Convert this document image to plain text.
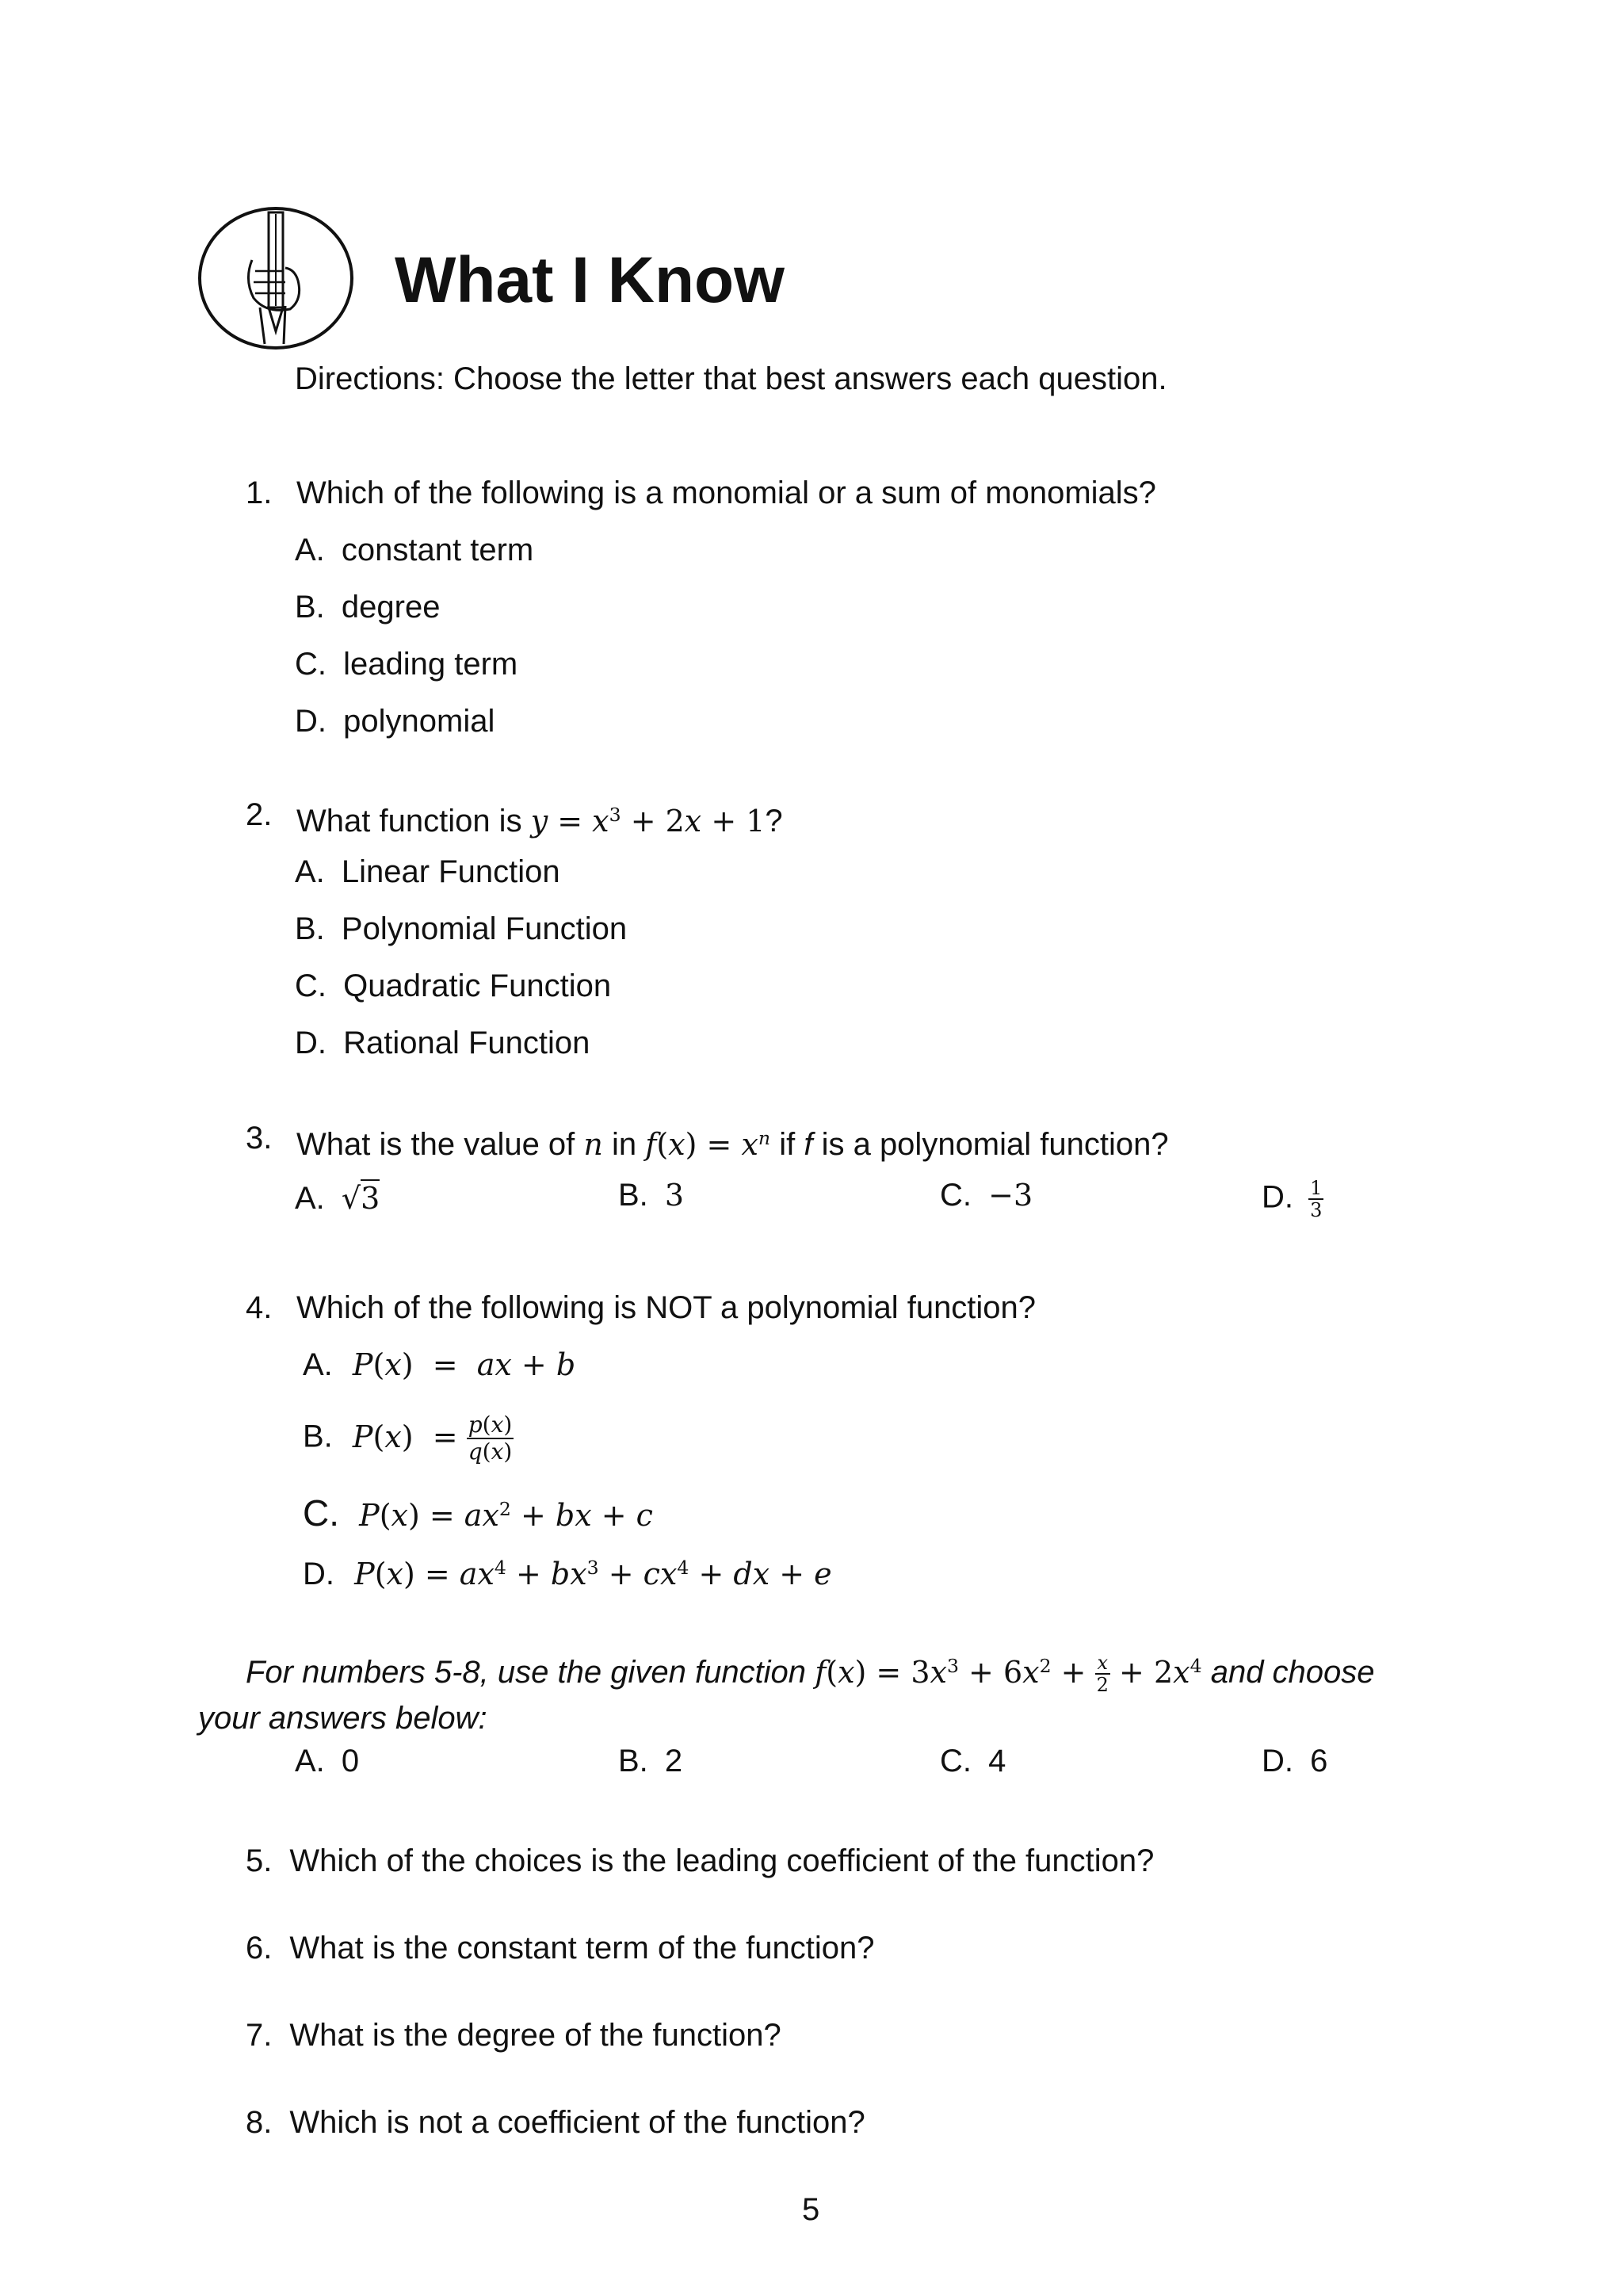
What I Know
Directions: Choose the letter that best answers each question.
1. Which of the following is a monomial or a sum of monomials?
A. constant term
B. degree
C. leading term
D. polynomial
2. What function is $y = x^3 + 2x + 1$?
A. Linear Function
B. Polynomial Function
C. Quadratic Function
D. Rational Function
3. What is the value of n in $f(x) = x^n$ if f is a polynomial function?
A. √3	B. 3	C. −3	D. $\frac{1}{3}$
4. Which of the following is NOT a polynomial function?
A. P(x)  =  ax + b
B. $P(x) = \frac{p(x)}{q(x)}$
C. $P(x) = ax^2$ + bx + c
D. $P(x) = ax^4 + bx^3 + cx^4$ + dx + e
For numbers 5-8, use the given function $f(x) = 3x^3 + 6x^2 + \frac{x}{2} + 2x^4$ and choose
your answers below:
A. 0	B. 2	C. 4	D. 6
5. Which of the choices is the leading coefficient of the function?
6. What is the constant term of the function?
7. What is the degree of the function?
8. Which is not a coefficient of the function?
5
